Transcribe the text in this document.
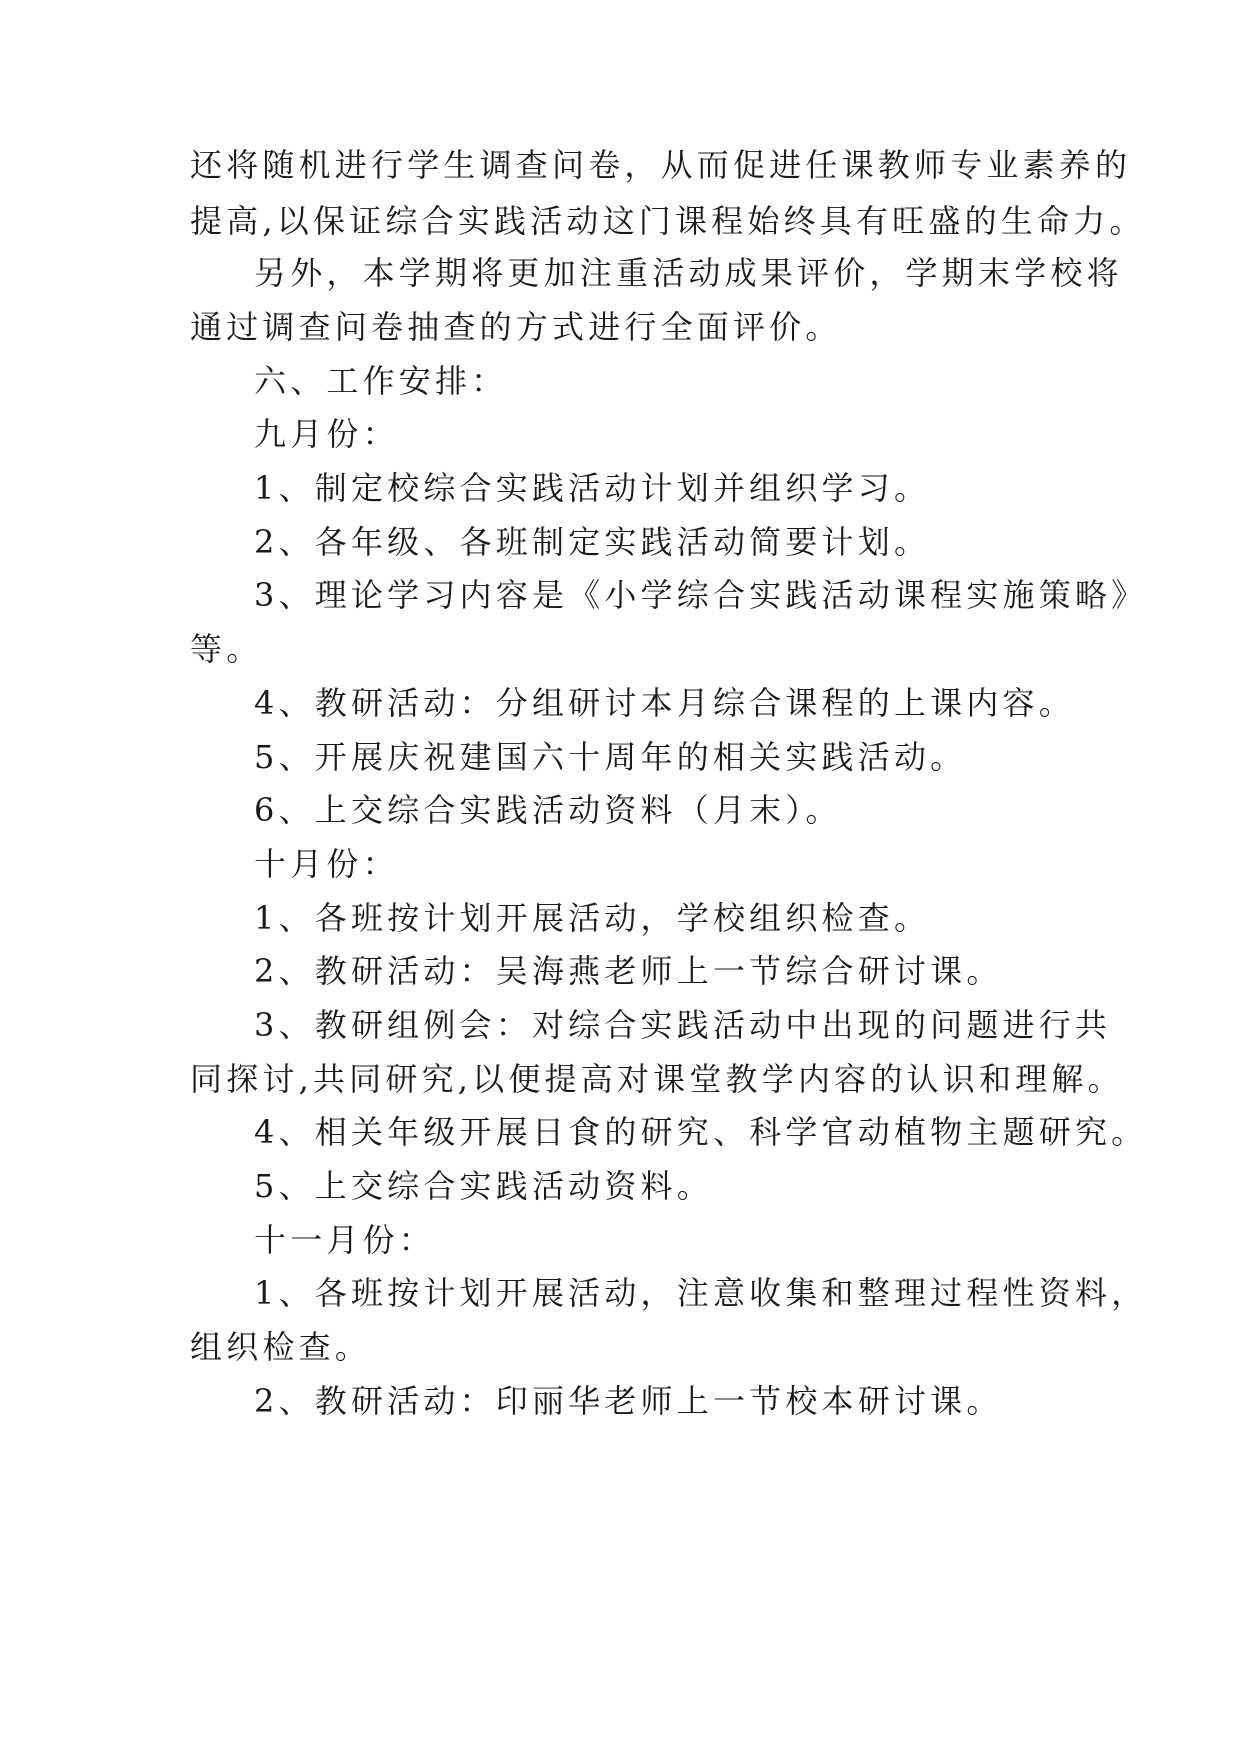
还将随机进行学生调查问卷，从而促进任课教师专业素养的
提高,以保证综合实践活动这门课程始终具有旺盛的生命力。
另外，本学期将更加注重活动成果评价，学期末学校将
通过调查问卷抽查的方式进行全面评价。
六、工作安排：
九月份：
1、制定校综合实践活动计划并组织学习。
2、各年级、各班制定实践活动简要计划。
3、理论学习内容是《小学综合实践活动课程实施策略》
等。
4、教研活动：分组研讨本月综合课程的上课内容。
5、开展庆祝建国六十周年的相关实践活动。
6、上交综合实践活动资料（月末）。
十月份：
1、各班按计划开展活动，学校组织检查。
2、教研活动：吴海燕老师上一节综合研讨课。
3、教研组例会：对综合实践活动中出现的问题进行共
同探讨,共同研究,以便提高对课堂教学内容的认识和理解。
4、相关年级开展日食的研究、科学官动植物主题研究。
5、上交综合实践活动资料。
十一月份：
1、各班按计划开展活动，注意收集和整理过程性资料，
组织检查。
2、教研活动：印丽华老师上一节校本研讨课。
